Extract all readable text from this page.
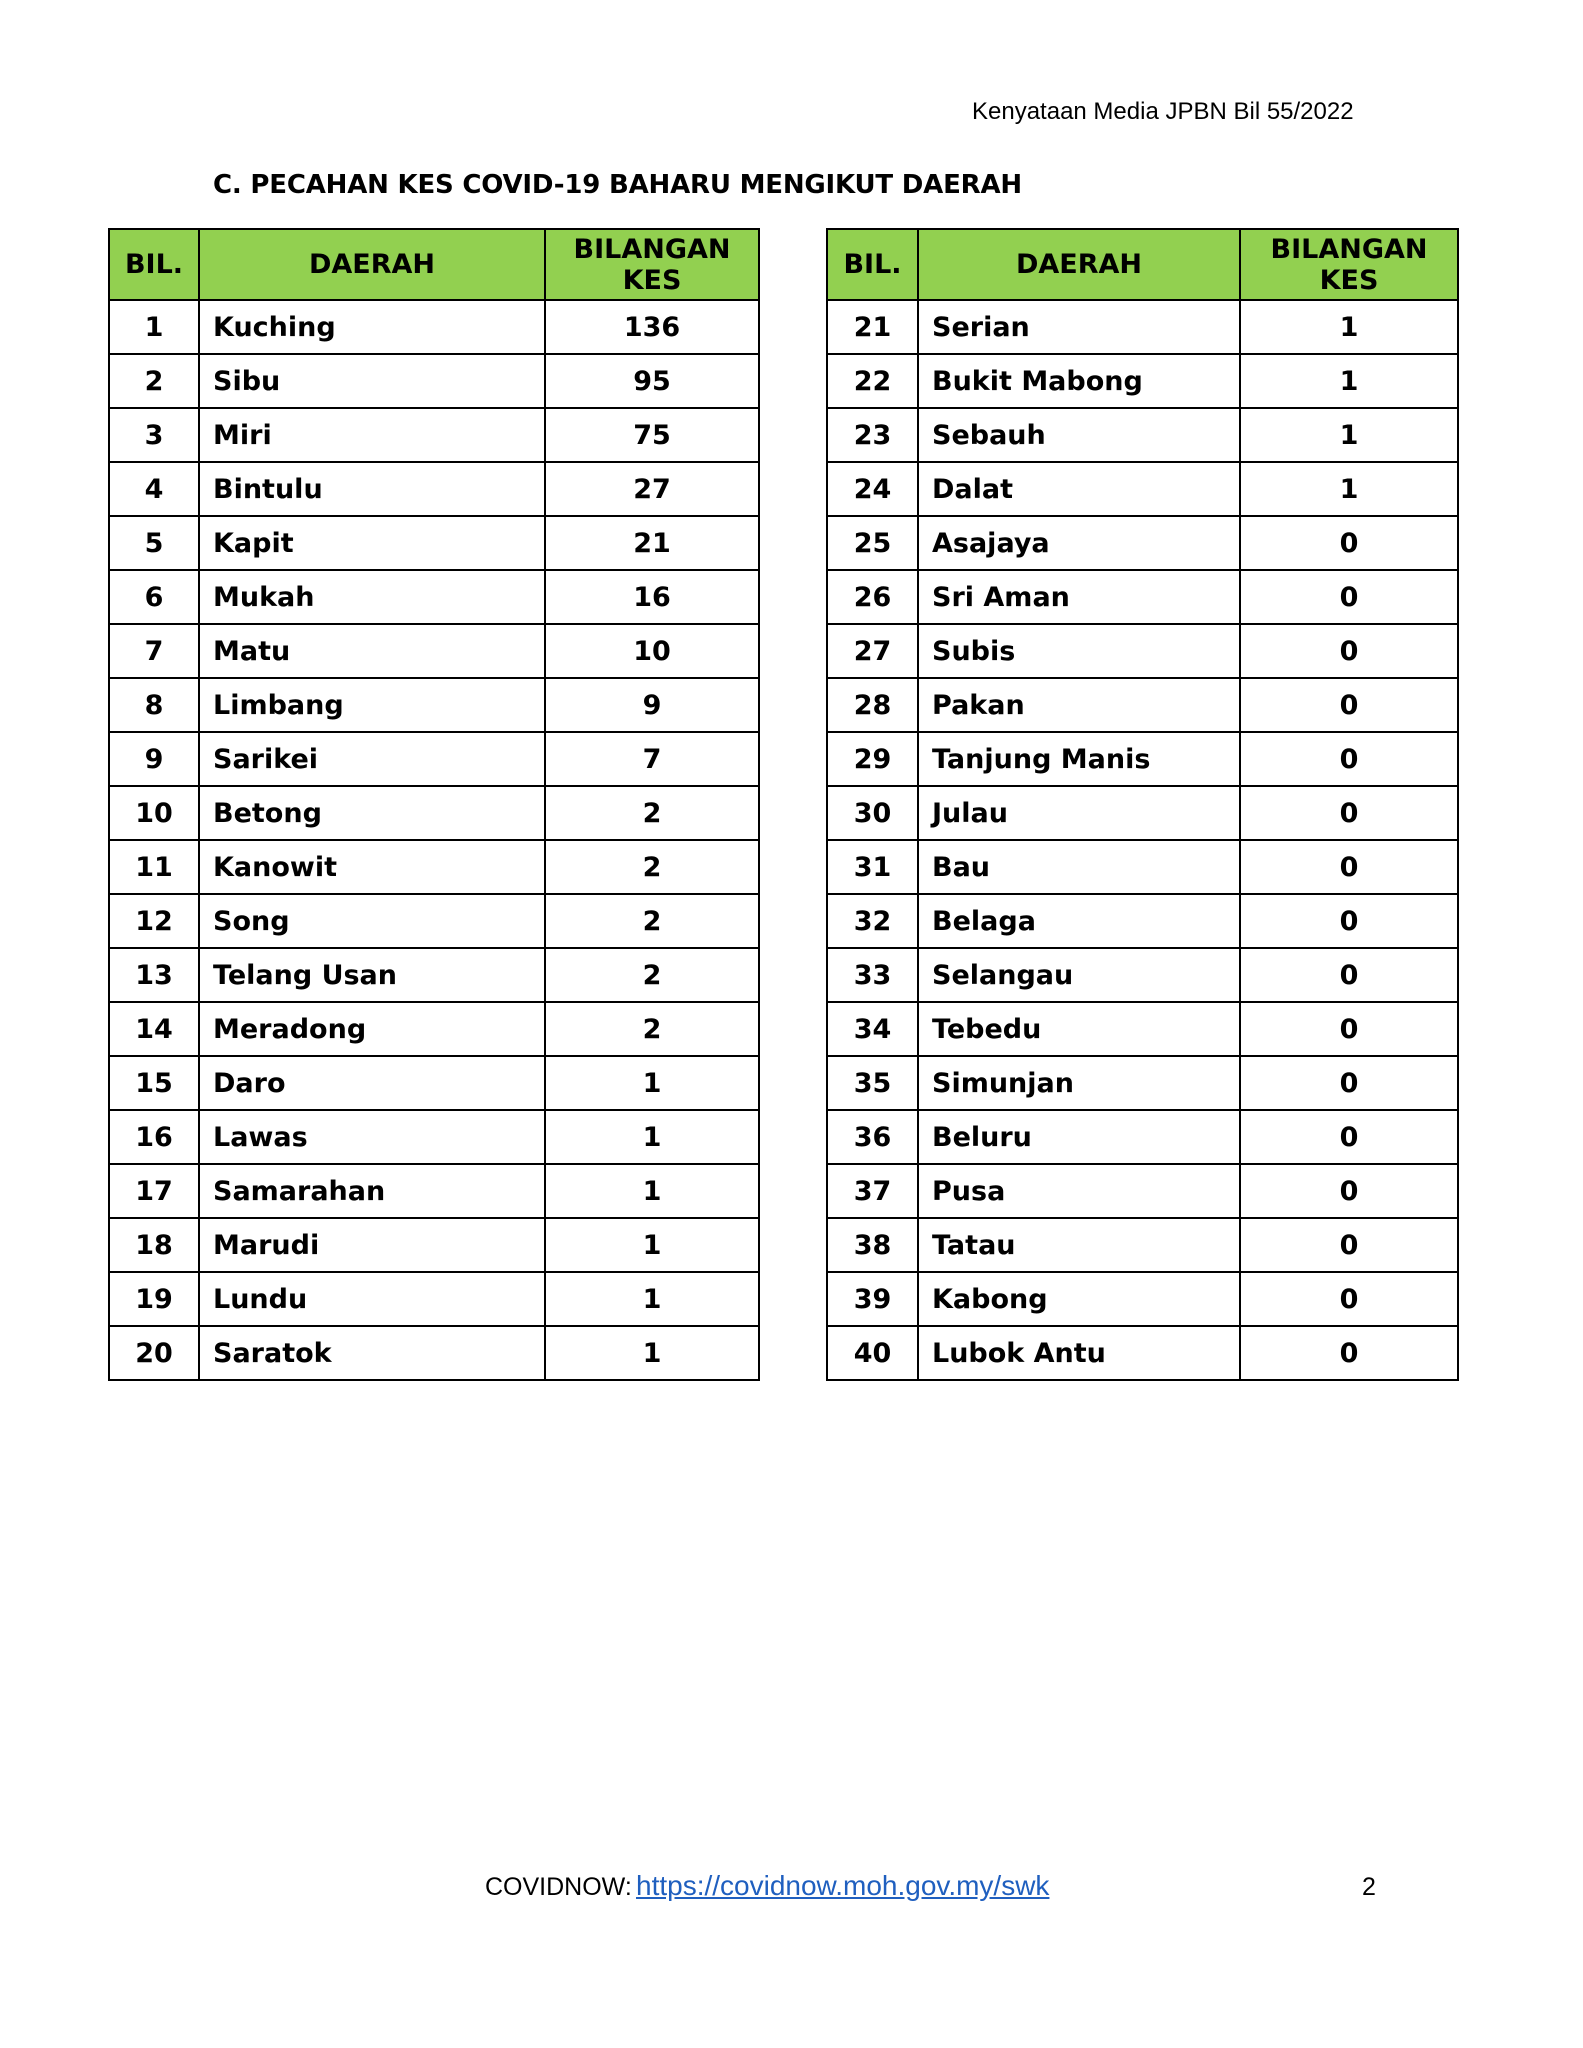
Kenyataan Media JPBN Bil 55/2022
C. PECAHAN KES COVID-19 BAHARU MENGIKUT DAERAH
BIL.	DAERAH	BILANGAN
KES
1	Kuching	136
2	Sibu	95
3	Miri	75
4	Bintulu	27
5	Kapit	21
6	Mukah	16
7	Matu	10
8	Limbang	9
9	Sarikei	7
10	Betong	2
11	Kanowit	2
12	Song	2
13	Telang Usan	2
14	Meradong	2
15	Daro	1
16	Lawas	1
17	Samarahan	1
18	Marudi	1
19	Lundu	1
20	Saratok	1
BIL.	DAERAH	BILANGAN
KES
21	Serian	1
22	Bukit Mabong	1
23	Sebauh	1
24	Dalat	1
25	Asajaya	0
26	Sri Aman	0
27	Subis	0
28	Pakan	0
29	Tanjung Manis	0
30	Julau	0
31	Bau	0
32	Belaga	0
33	Selangau	0
34	Tebedu	0
35	Simunjan	0
36	Beluru	0
37	Pusa	0
38	Tatau	0
39	Kabong	0
40	Lubok Antu	0
COVIDNOW: https://covidnow.moh.gov.my/swk	2
